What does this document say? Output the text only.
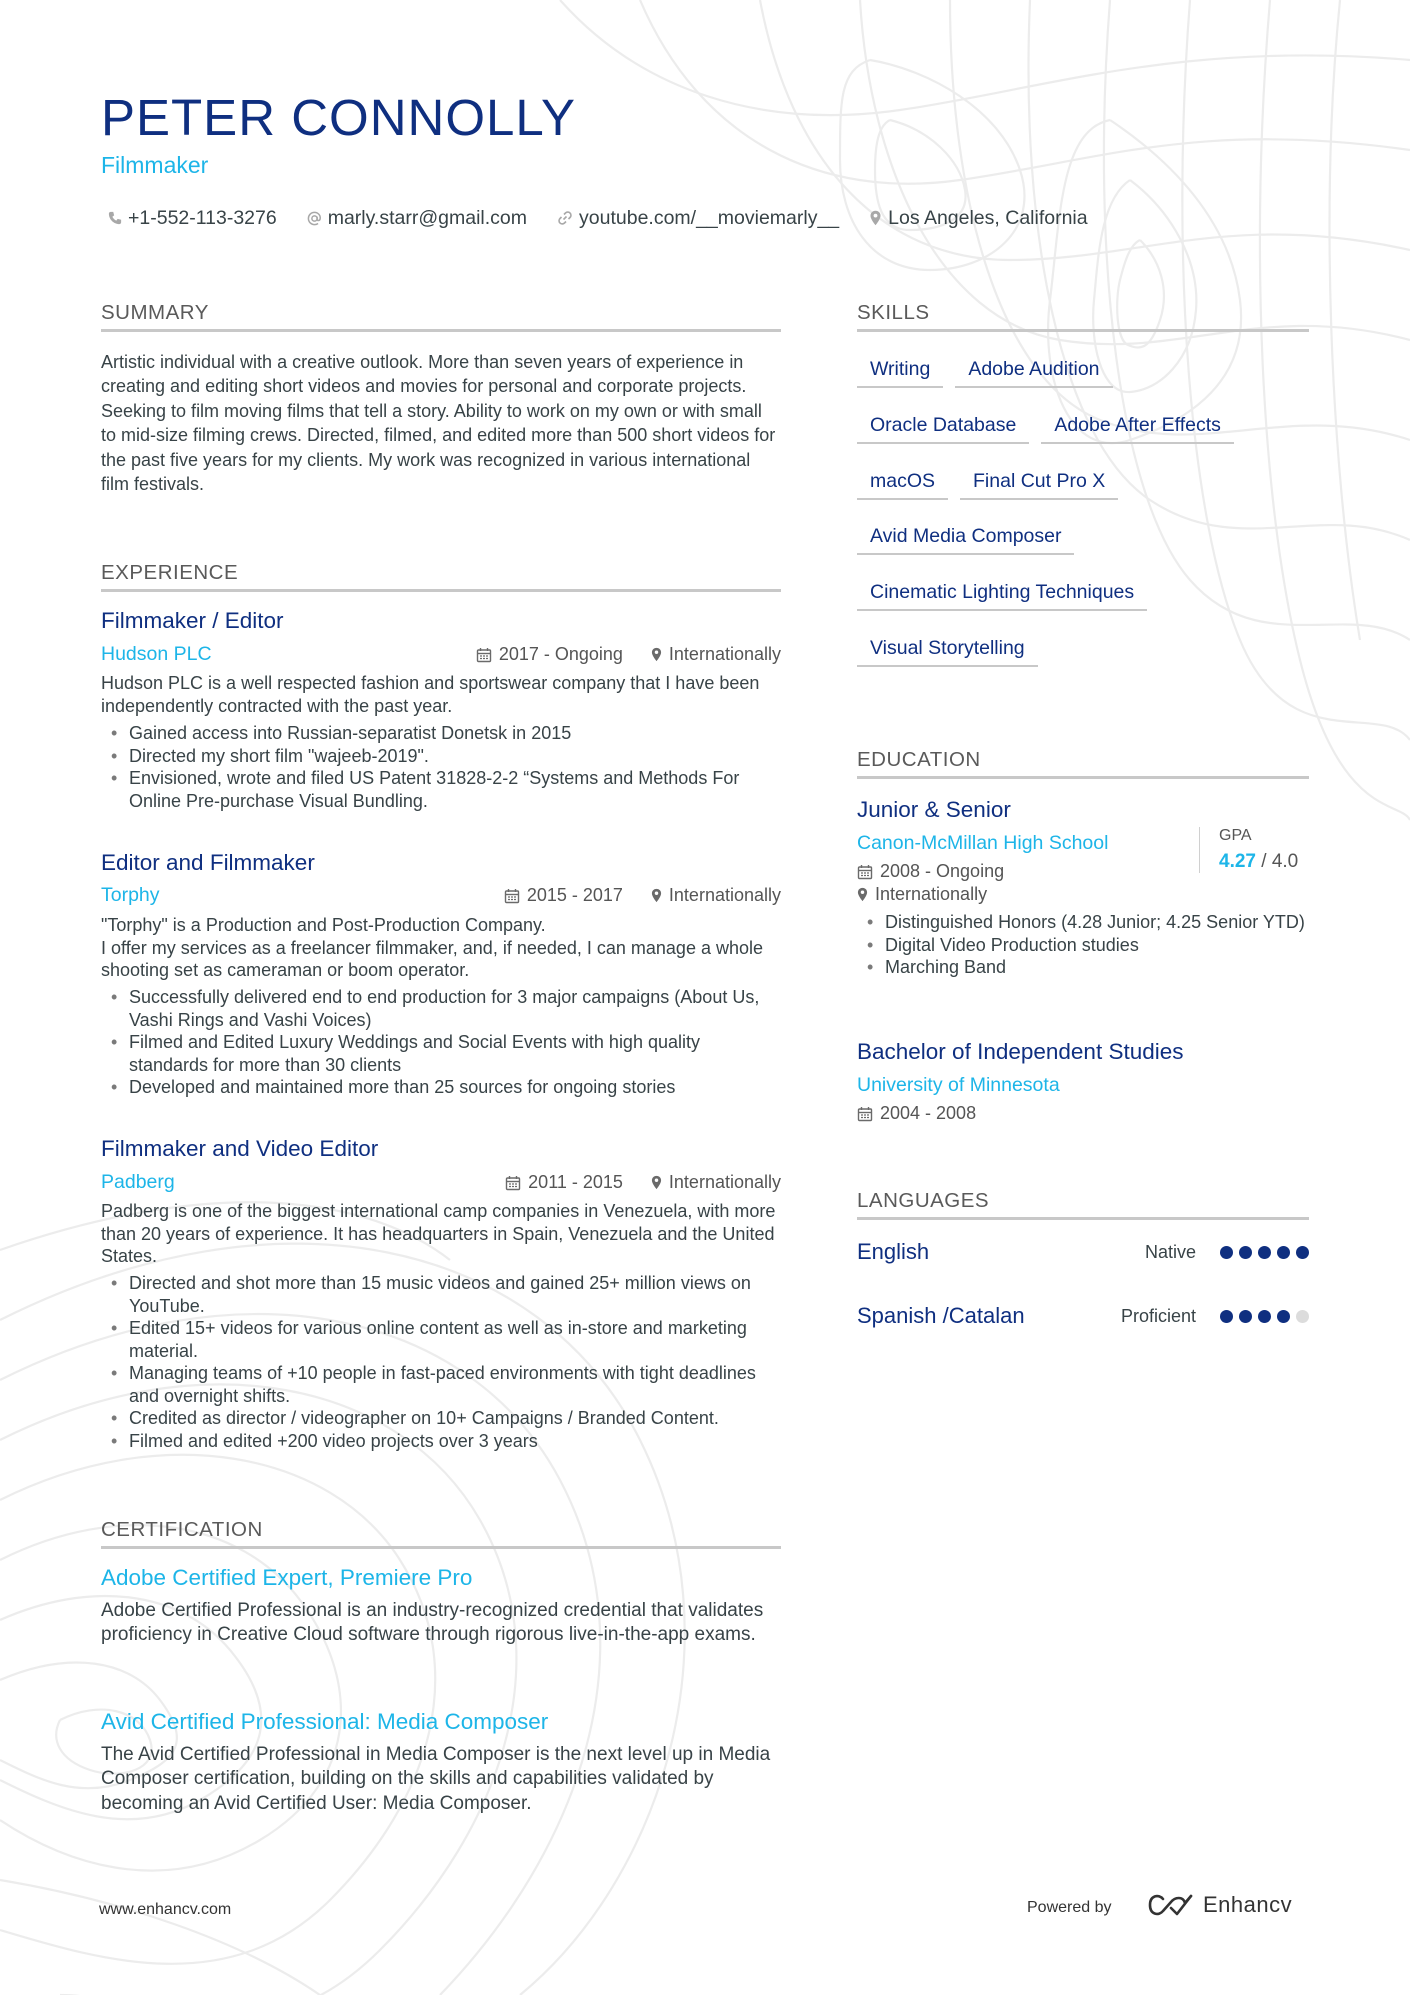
PETER CONNOLLY
Filmmaker
+1-552-113-3276	marly.starr@gmail.com	youtube.com/__moviemarly__	Los Angeles, California
SUMMARY

Artistic individual with a creative outlook. More than seven years of experience in creating and editing short videos and movies for personal and corporate projects. Seeking to film moving films that tell a story. Ability to work on my own or with small to mid-size filming crews. Directed, filmed, and edited more than 500 short videos for the past five years for my clients. My work was recognized in various international film festivals.

EXPERIENCE
Filmmaker / Editor
Hudson PLC	2017 - Ongoing	Internationally

Hudson PLC is a well respected fashion and sportswear company that I have been independently contracted with the past year.

• Gained access into Russian-separatist Donetsk in 2015
• Directed my short film "wajeeb-2019".
• Envisioned, wrote and filed US Patent 31828-2-2 “Systems and Methods For Online Pre-purchase Visual Bundling.
Editor and Filmmaker
Torphy	2015 - 2017	Internationally

"Torphy" is a Production and Post-Production Company.
I offer my services as a freelancer filmmaker, and, if needed, I can manage a whole shooting set as cameraman or boom operator.

• Successfully delivered end to end production for 3 major campaigns (About Us, Vashi Rings and Vashi Voices)
• Filmed and Edited Luxury Weddings and Social Events with high quality standards for more than 30 clients
• Developed and maintained more than 25 sources for ongoing stories
Filmmaker and Video Editor
Padberg	2011 - 2015	Internationally

Padberg is one of the biggest international camp companies in Venezuela, with more than 20 years of experience. It has headquarters in Spain, Venezuela and the United States.

• Directed and shot more than 15 music videos and gained 25+ million views on YouTube.
• Edited 15+ videos for various online content as well as in-store and marketing material.
• Managing teams of +10 people in fast-paced environments with tight deadlines and overnight shifts.
• Credited as director / videographer on 10+ Campaigns / Branded Content.
• Filmed and edited +200 video projects over 3 years
CERTIFICATION
Adobe Certified Expert, Premiere Pro

Adobe Certified Professional is an industry-recognized credential that validates proficiency in Creative Cloud software through rigorous live-in-the-app exams.

Avid Certified Professional: Media Composer

The Avid Certified Professional in Media Composer is the next level up in Media Composer certification, building on the skills and capabilities validated by becoming an Avid Certified User: Media Composer.

SKILLS
Writing	Adobe Audition
Oracle Database	Adobe After Effects
macOS	Final Cut Pro X
Avid Media Composer
Cinematic Lighting Techniques
Visual Storytelling
EDUCATION
Junior & Senior
Canon-McMillan High School
2008 - Ongoing
Internationally
GPA
4.27 / 4.0
• Distinguished Honors (4.28 Junior; 4.25 Senior YTD)
• Digital Video Production studies
• Marching Band
Bachelor of Independent Studies
University of Minnesota
2004 - 2008
LANGUAGES
English	Native
Spanish /Catalan	Proficient
www.enhancv.com	Powered by	Enhancv
